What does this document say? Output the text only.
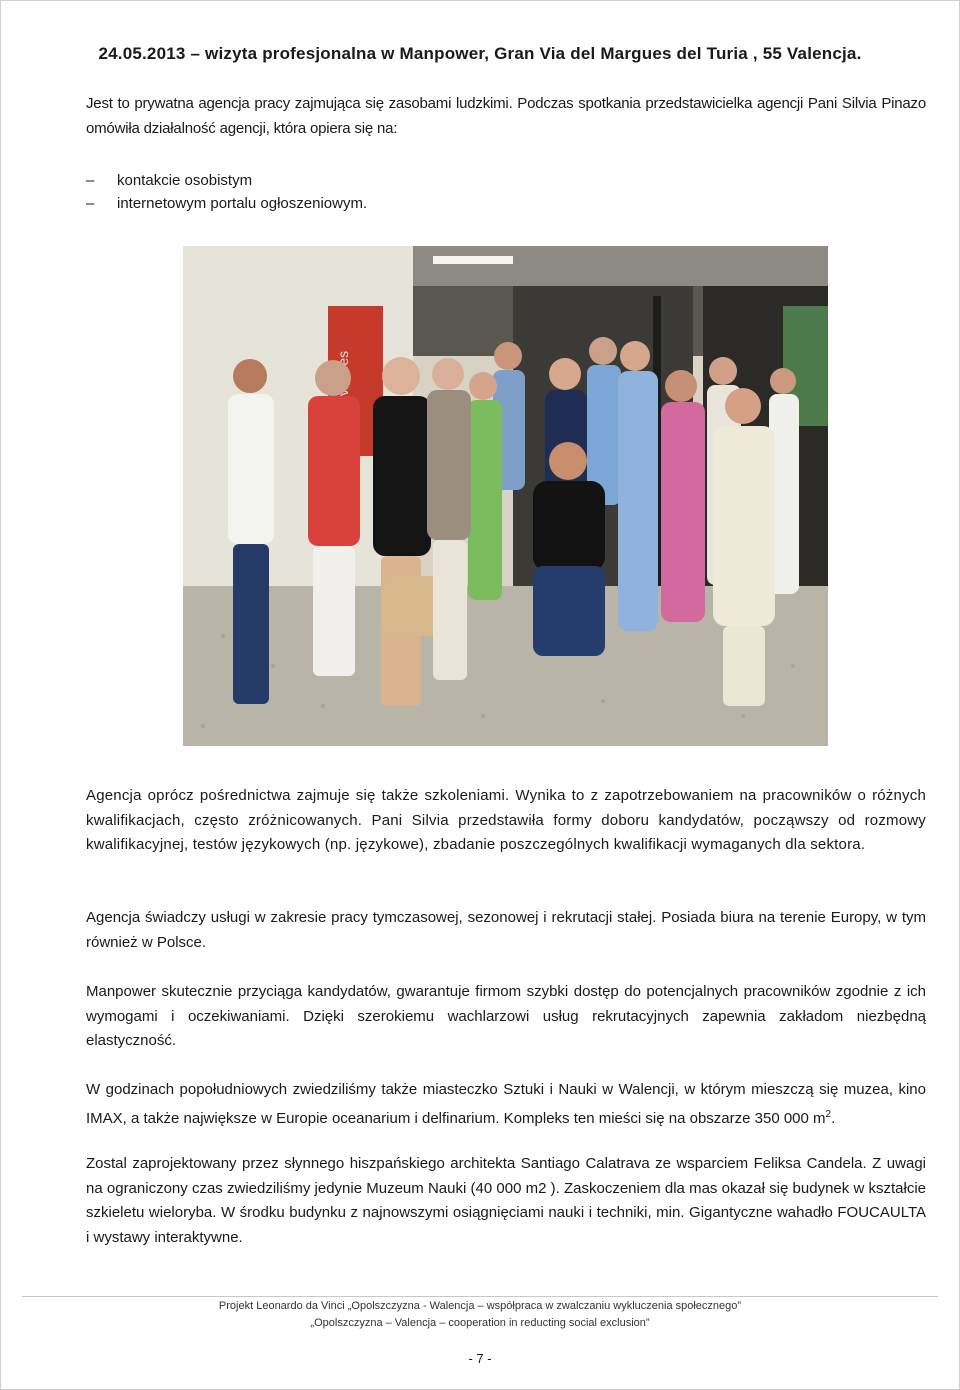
24.05.2013 – wizyta profesjonalna w Manpower, Gran Via del Margues del Turia , 55 Valencja.
Jest to prywatna agencja pracy zajmująca się zasobami ludzkimi. Podczas spotkania przedstawicielka agencji Pani Silvia Pinazo omówiła działalność agencji, która opiera się na:
–	kontakcie osobistym
–	internetowym portalu ogłoszeniowym.
Agencja oprócz pośrednictwa zajmuje się także szkoleniami. Wynika to z zapotrzebowaniem na pracowników o różnych kwalifikacjach, często zróżnicowanych. Pani Silvia przedstawiła formy doboru kandydatów, począwszy od rozmowy kwalifikacyjnej, testów językowych (np. językowe), zbadanie poszczególnych kwalifikacji wymaganych dla sektora.
Agencja świadczy usługi w zakresie pracy tymczasowej, sezonowej i rekrutacji stałej. Posiada biura na terenie Europy, w tym również w Polsce.
Manpower skutecznie przyciąga kandydatów, gwarantuje firmom szybki dostęp do potencjalnych pracowników zgodnie z ich wymogami i oczekiwaniami. Dzięki szerokiemu wachlarzowi usług rekrutacyjnych zapewnia zakładom niezbędną elastyczność.
W godzinach popołudniowych zwiedziliśmy także miasteczko Sztuki i Nauki w Walencji, w którym mieszczą się muzea, kino IMAX, a także największe w Europie oceanarium i delfinarium. Kompleks ten mieści się na obszarze 350 000 $m^2$.
Zostal zaprojektowany przez słynnego hiszpańskiego architekta Santiago Calatrava ze wsparciem Feliksa Candela. Z uwagi na ograniczony czas zwiedziliśmy jedynie Muzeum Nauki (40 000 m2 ). Zaskoczeniem dla mas okazał się budynek w kształcie szkieletu wieloryba. W środku budynku z najnowszymi osiągnięciami nauki i techniki, min. Gigantyczne wahadło FOUCAULTA i wystawy interaktywne.
Projekt Leonardo da Vinci „Opolszczyzna - Walencja – współpraca w zwalczaniu wykluczenia społecznego”
„Opolszczyzna – Valencja – cooperation in reducting social exclusion”
- 7 -
